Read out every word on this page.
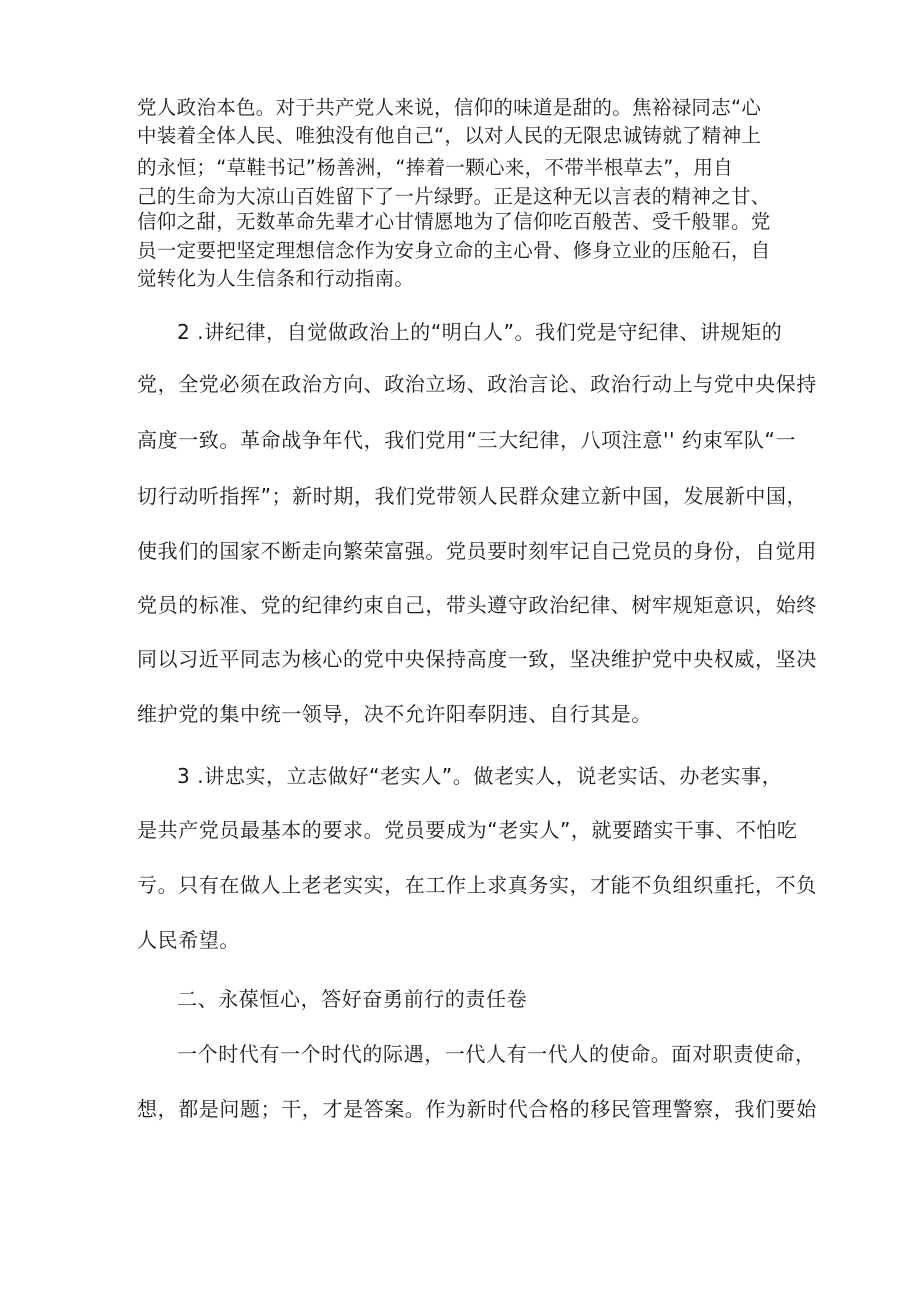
党人政治本色。对于共产党人来说，信仰的味道是甜的。焦裕禄同志“心

中装着全体人民、唯独没有他自己“，以对人民的无限忠诚铸就了精神上

的永恒；“草鞋书记”杨善洲，“捧着一颗心来，不带半根草去”，用自

己的生命为大凉山百姓留下了一片绿野。正是这种无以言表的精神之甘、

信仰之甜，无数革命先辈才心甘情愿地为了信仰吃百般苦、受千般罪。党

员一定要把坚定理想信念作为安身立命的主心骨、修身立业的压舱石，自

觉转化为人生信条和行动指南。

2 .讲纪律，自觉做政治上的“明白人”。我们党是守纪律、讲规矩的

党，全党必须在政治方向、政治立场、政治言论、政治行动上与党中央保持

高度一致。革命战争年代，我们党用“三大纪律，八项注意'' 约束军队“一

切行动听指挥”；新时期，我们党带领人民群众建立新中国，发展新中国，

使我们的国家不断走向繁荣富强。党员要时刻牢记自己党员的身份，自觉用

党员的标准、党的纪律约束自己，带头遵守政治纪律、树牢规矩意识，始终

同以习近平同志为核心的党中央保持高度一致，坚决维护党中央权威，坚决

维护党的集中统一领导，决不允许阳奉阴违、自行其是。

3 .讲忠实，立志做好“老实人”。做老实人，说老实话、办老实事，

是共产党员最基本的要求。党员要成为“老实人”，就要踏实干事、不怕吃

亏。只有在做人上老老实实，在工作上求真务实，才能不负组织重托，不负

人民希望。

二、永葆恒心，答好奋勇前行的责任卷

一个时代有一个时代的际遇，一代人有一代人的使命。面对职责使命，

想，都是问题；干，才是答案。作为新时代合格的移民管理警察，我们要始
